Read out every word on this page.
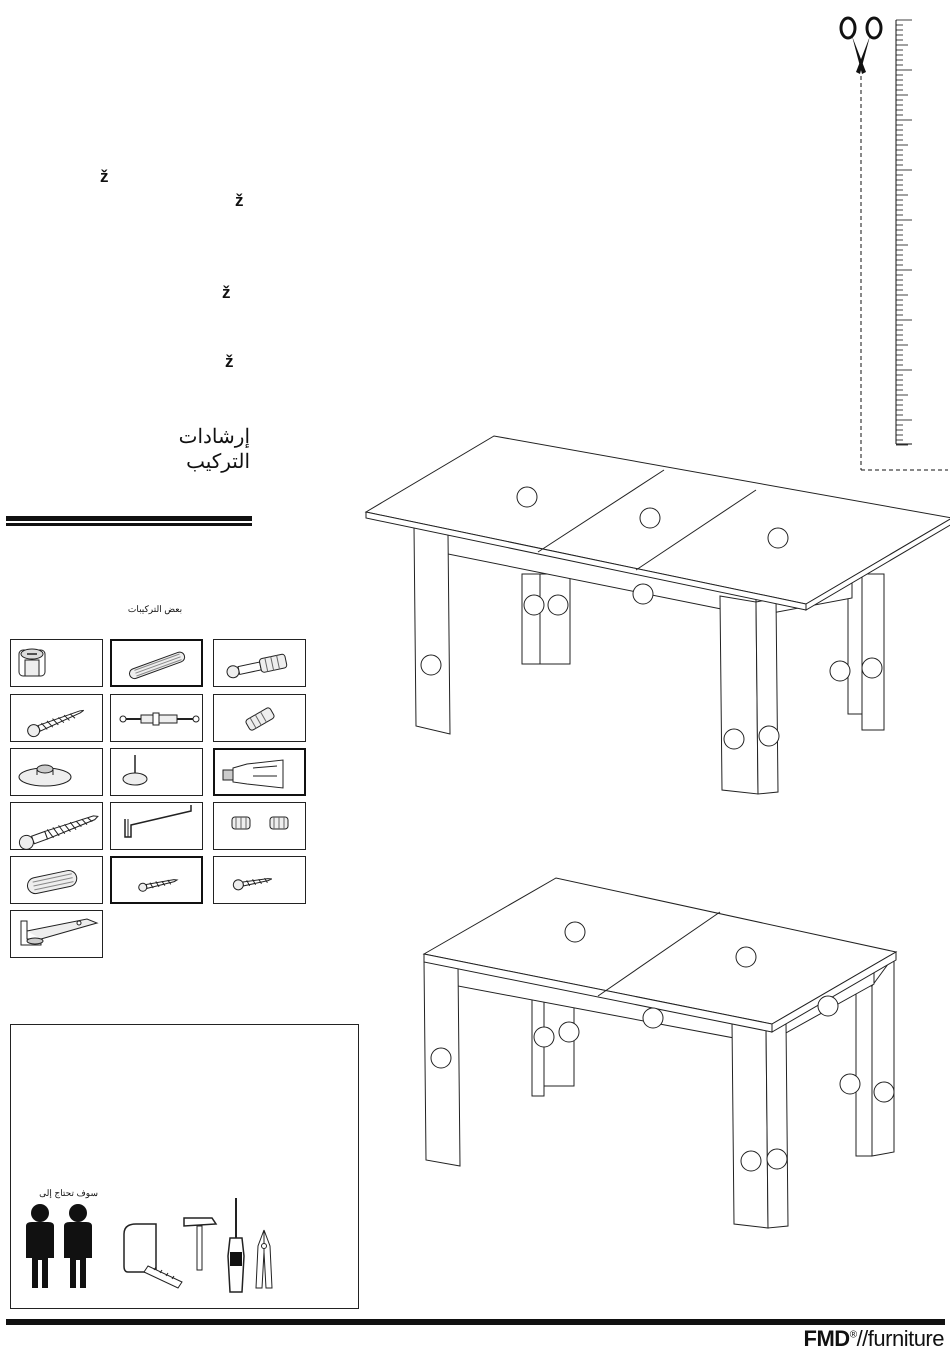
ž
ž
ž
ž
إرشادات التركيب
بعض التركيبات
سوف تحتاج إلى
FMD®//furniture
